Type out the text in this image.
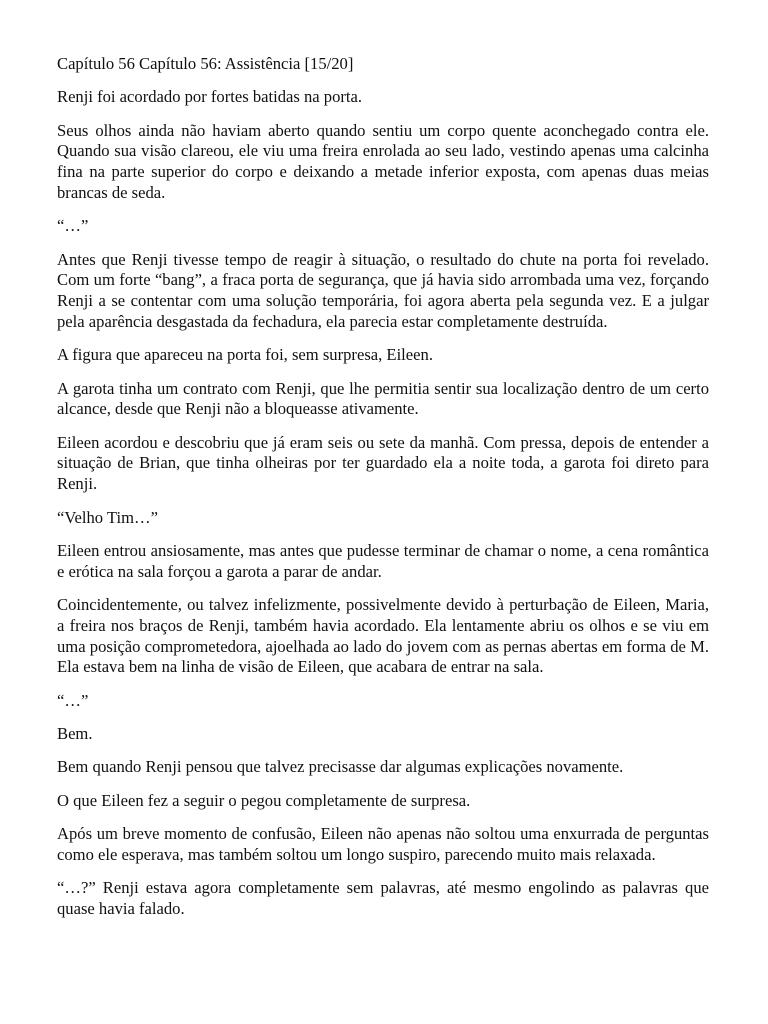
Capítulo 56 Capítulo 56: Assistência [15/20]

Renji foi acordado por fortes batidas na porta.

Seus olhos ainda não haviam aberto quando sentiu um corpo quente aconchegado contra ele. Quando sua visão clareou, ele viu uma freira enrolada ao seu lado, vestindo apenas uma calcinha fina na parte superior do corpo e deixando a metade inferior exposta, com apenas duas meias brancas de seda.

“…”

Antes que Renji tivesse tempo de reagir à situação, o resultado do chute na porta foi revelado. Com um forte “bang”, a fraca porta de segurança, que já havia sido arrombada uma vez, forçando Renji a se contentar com uma solução temporária, foi agora aberta pela segunda vez. E a julgar pela aparência desgastada da fechadura, ela parecia estar completamente destruída.

A figura que apareceu na porta foi, sem surpresa, Eileen.

A garota tinha um contrato com Renji, que lhe permitia sentir sua localização dentro de um certo alcance, desde que Renji não a bloqueasse ativamente.

Eileen acordou e descobriu que já eram seis ou sete da manhã. Com pressa, depois de entender a situação de Brian, que tinha olheiras por ter guardado ela a noite toda, a garota foi direto para Renji.

“Velho Tim…”

Eileen entrou ansiosamente, mas antes que pudesse terminar de chamar o nome, a cena romântica e erótica na sala forçou a garota a parar de andar.

Coincidentemente, ou talvez infelizmente, possivelmente devido à perturbação de Eileen, Maria, a freira nos braços de Renji, também havia acordado. Ela lentamente abriu os olhos e se viu em uma posição comprometedora, ajoelhada ao lado do jovem com as pernas abertas em forma de M. Ela estava bem na linha de visão de Eileen, que acabara de entrar na sala.

“…”

Bem.

Bem quando Renji pensou que talvez precisasse dar algumas explicações novamente.

O que Eileen fez a seguir o pegou completamente de surpresa.

Após um breve momento de confusão, Eileen não apenas não soltou uma enxurrada de perguntas como ele esperava, mas também soltou um longo suspiro, parecendo muito mais relaxada.

“…?” Renji estava agora completamente sem palavras, até mesmo engolindo as palavras que quase havia falado.
